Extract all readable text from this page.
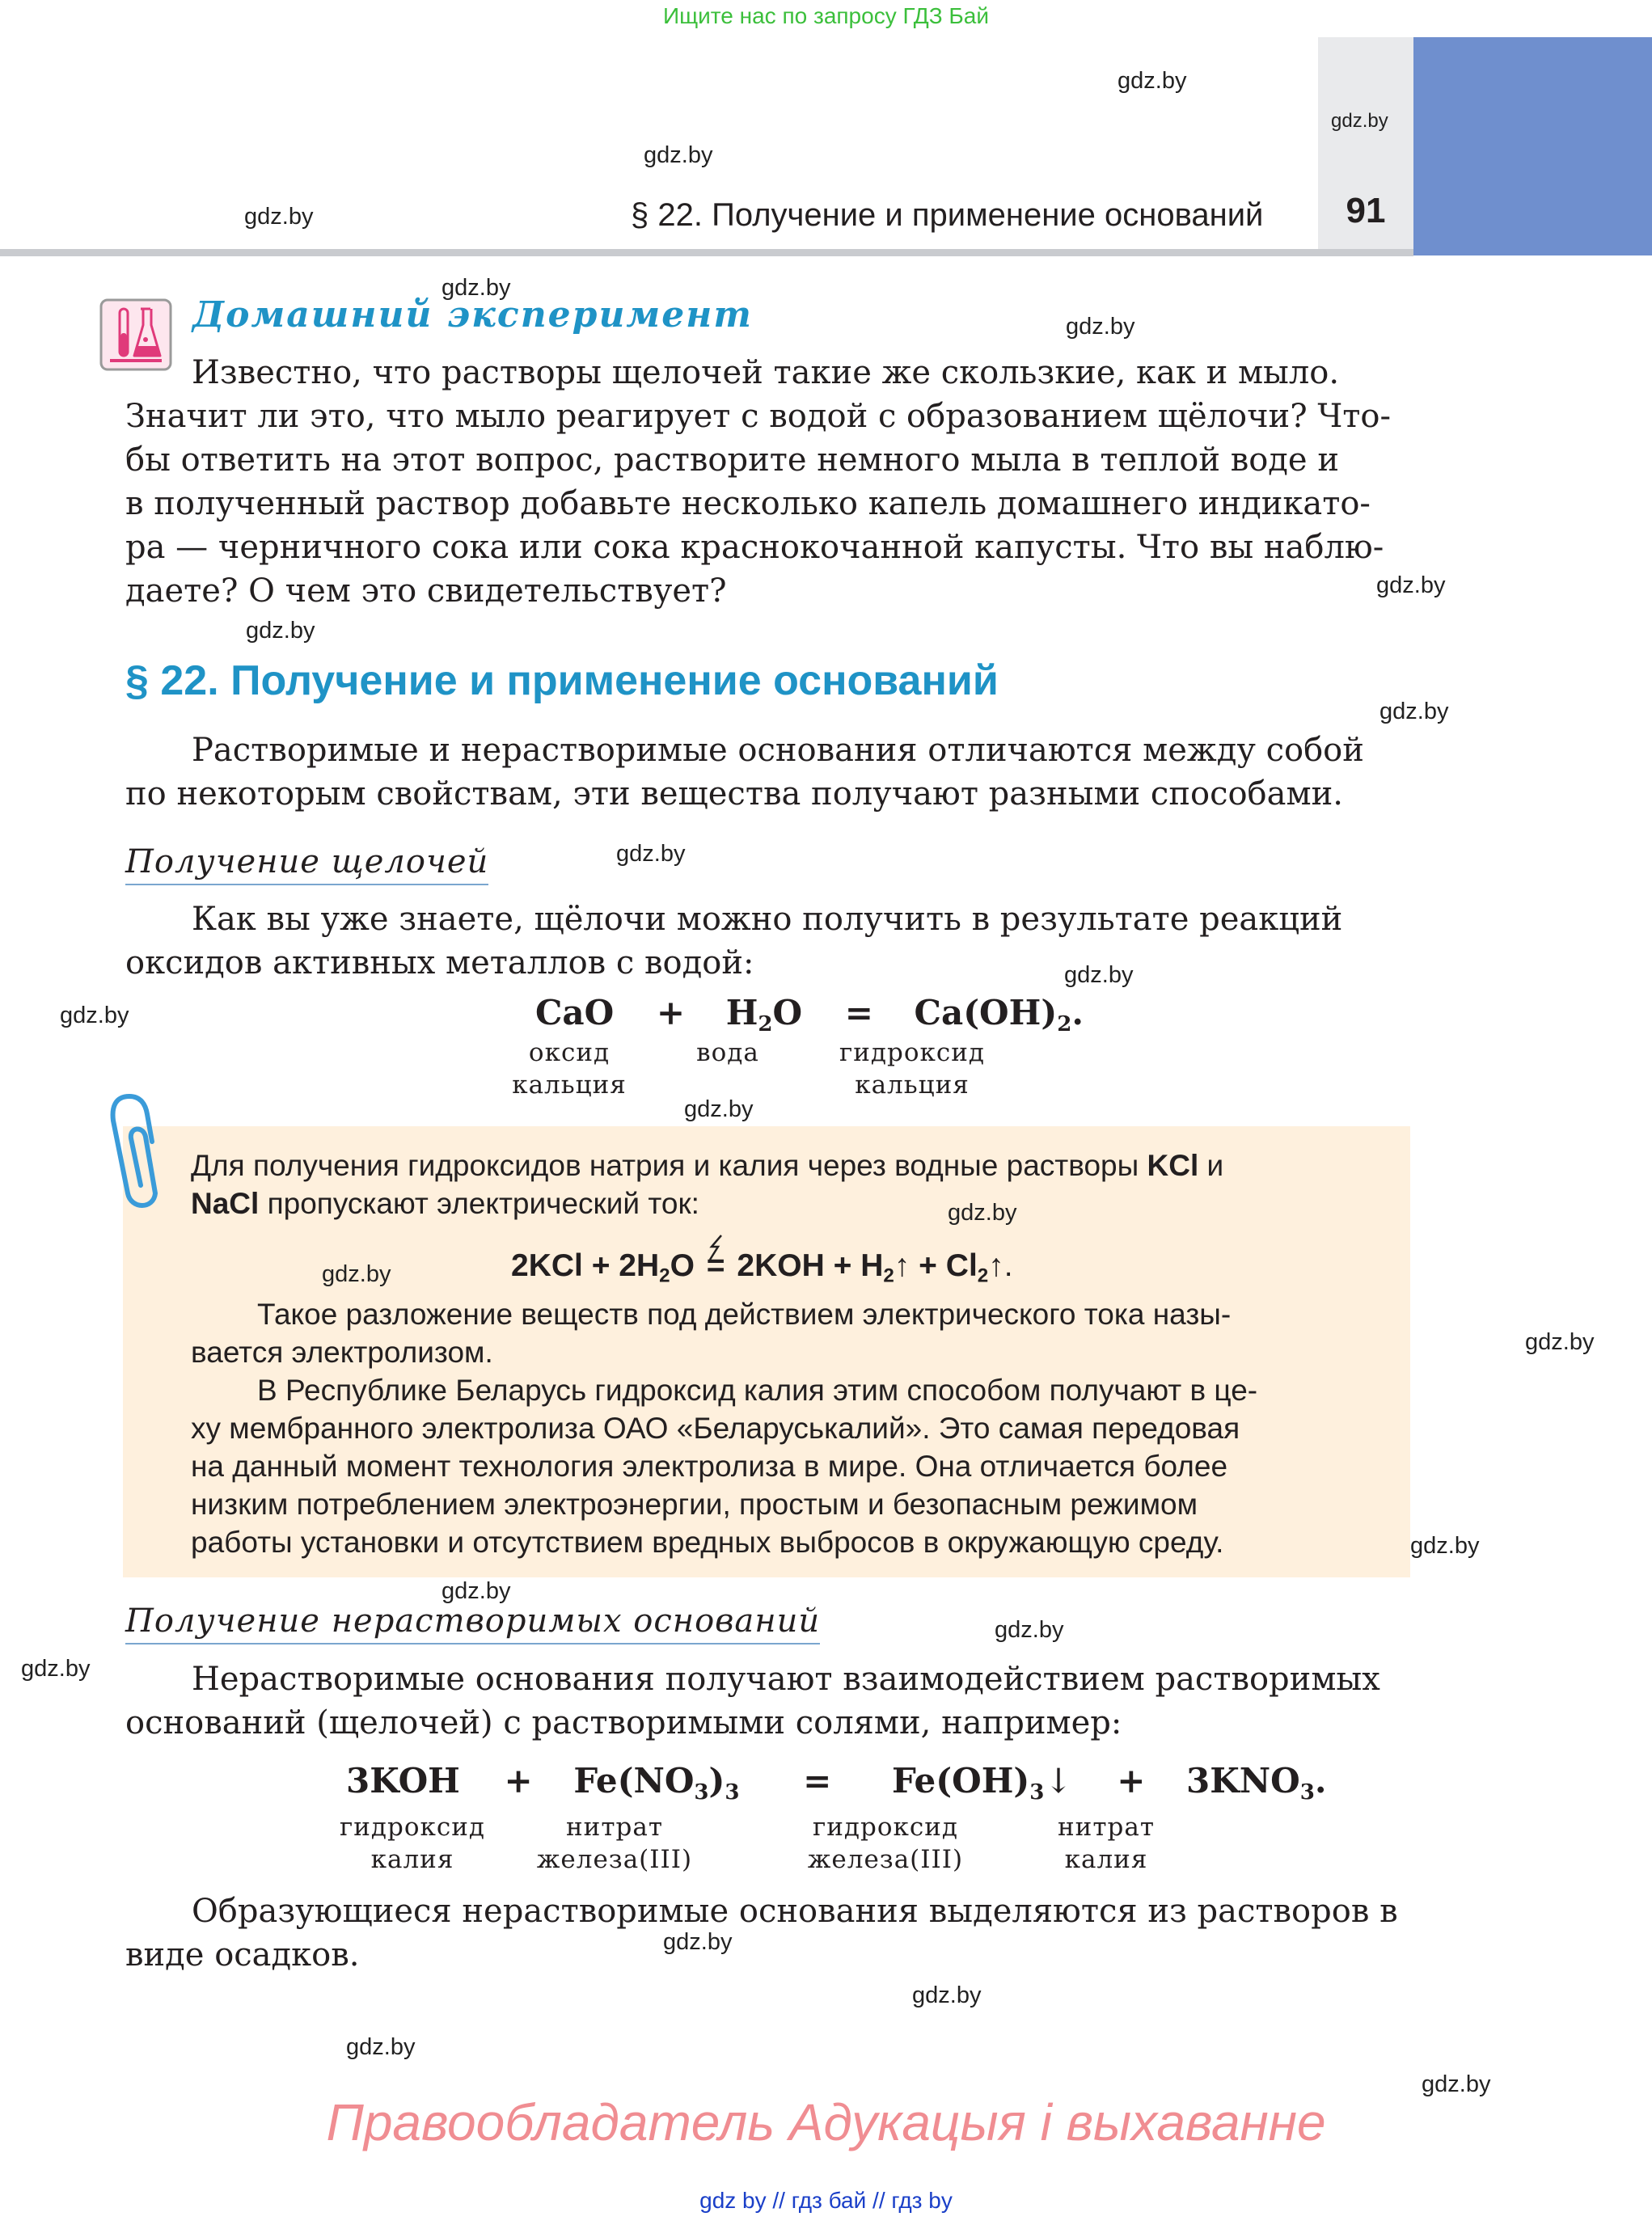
Ищите нас по запросу ГДЗ Бай
§ 22. Получение и применение оснований	91
Домашний эксперимент
Известно, что растворы щелочей такие же скользкие, как и мыло.
Значит ли это, что мыло реагирует с водой с образованием щёлочи? Что-
бы ответить на этот вопрос, растворите немного мыла в теплой воде и
в полученный раствор добавьте несколько капель домашнего индикато-
ра — черничного сока или сока краснокочанной капусты. Что вы наблю-
даете? О чем это свидетельствует?
§ 22. Получение и применение оснований
Растворимые и нерастворимые основания отличаются между собой
по некоторым свойствам, эти вещества получают разными способами.
Получение щелочей
Как вы уже знаете, щёлочи можно получить в результате реакций
оксидов активных металлов с водой:
CaO + $H_2O = Ca(OH)_2$.
оксид
кальция
вода	гидроксид
кальция
Для получения гидроксидов натрия и калия через водные растворы KCl и
NaCl пропускают электрический ток:
$2KCl + 2H_2O = 2KOH$ + $H_2↑$ + $Cl_2↑$.
Такое разложение веществ под действием электрического тока назы-
вается электролизом.
В Республике Беларусь гидроксид калия этим способом получают в це-
ху мембранного электролиза ОАО «Беларуськалий». Это самая передовая
на данный момент технология электролиза в мире. Она отличается более
низким потреблением электроэнергии, простым и безопасным режимом
работы установки и отсутствием вредных выбросов в окружающую среду.
Получение нерастворимых оснований
Нерастворимые основания получают взаимодействием растворимых
оснований (щелочей) с растворимыми солями, например:
$3KOH + Fe(NO_3)_3$ = $Fe(OH)_3↓ + 3KNO_3$.
гидроксид
калия
нитрат
железа(III)
гидроксид
железа(III)
нитрат
калия
Образующиеся нерастворимые основания выделяются из растворов в
виде осадков.
gdz.by
gdz.by
gdz.by
gdz.by
gdz.by
gdz.by
gdz.by
gdz.by
gdz.by
gdz.by
gdz.by
gdz.by
gdz.by
gdz.by
gdz.by
gdz.by
gdz.by
gdz.by
gdz.by
gdz.by
gdz.by
gdz.by
gdz.by
gdz.by
Правообладатель Адукацыя і выхаванне
gdz by // гдз бай // гдз by
